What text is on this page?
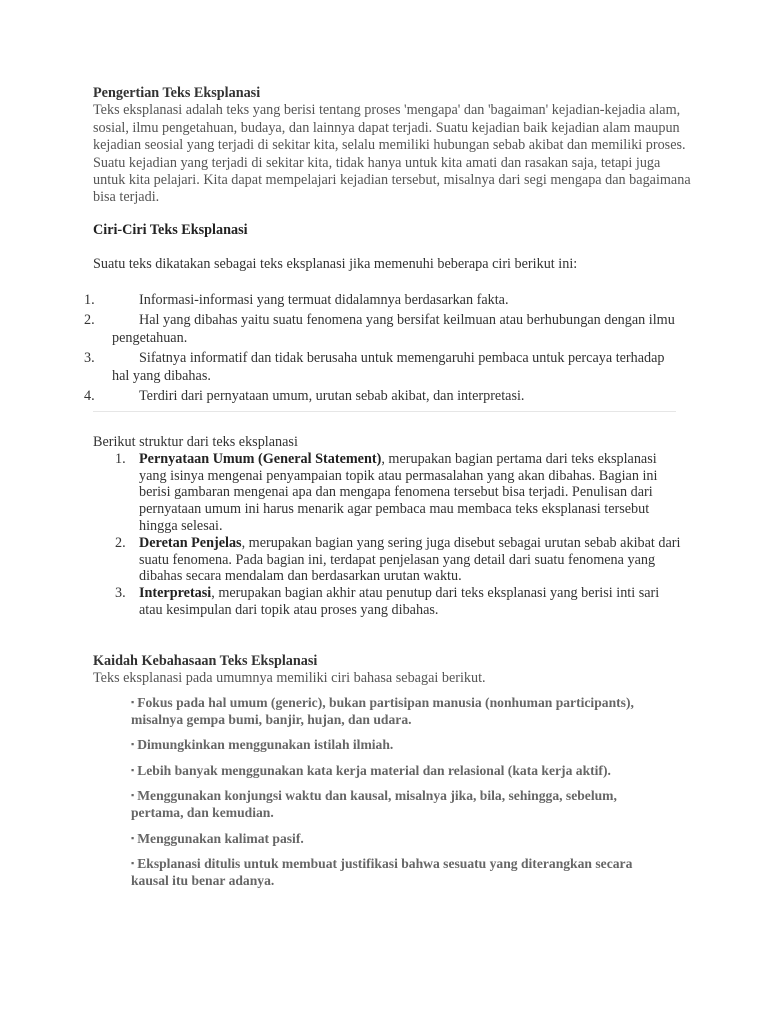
Pengertian Teks Eksplanasi
Teks eksplanasi adalah teks yang berisi tentang proses 'mengapa' dan 'bagaiman' kejadian-kejadia alam, sosial, ilmu pengetahuan, budaya, dan lainnya dapat terjadi. Suatu kejadian baik kejadian alam maupun kejadian seosial yang terjadi di sekitar kita, selalu memiliki hubungan sebab akibat dan memiliki proses. Suatu kejadian yang terjadi di sekitar kita, tidak hanya untuk kita amati dan rasakan saja, tetapi juga untuk kita pelajari. Kita dapat mempelajari kejadian tersebut, misalnya dari segi mengapa dan bagaimana bisa terjadi.
Ciri-Ciri Teks Eksplanasi
Suatu teks dikatakan sebagai teks eksplanasi jika memenuhi beberapa ciri berikut ini:
1.	Informasi-informasi yang termuat didalamnya berdasarkan fakta.
2.	Hal yang dibahas yaitu suatu fenomena yang bersifat keilmuan atau berhubungan dengan ilmu pengetahuan.
3.	Sifatnya informatif dan tidak berusaha untuk memengaruhi pembaca untuk percaya terhadap hal yang dibahas.
4.	Terdiri dari pernyataan umum, urutan sebab akibat, dan interpretasi.
Berikut struktur dari teks eksplanasi
1. Pernyataan Umum (General Statement), merupakan bagian pertama dari teks eksplanasi yang isinya mengenai penyampaian topik atau permasalahan yang akan dibahas. Bagian ini berisi gambaran mengenai apa dan mengapa fenomena tersebut bisa terjadi. Penulisan dari pernyataan umum ini harus menarik agar pembaca mau membaca teks eksplanasi tersebut hingga selesai.
2. Deretan Penjelas, merupakan bagian yang sering juga disebut sebagai urutan sebab akibat dari suatu fenomena. Pada bagian ini, terdapat penjelasan yang detail dari suatu fenomena yang dibahas secara mendalam dan berdasarkan urutan waktu.
3. Interpretasi, merupakan bagian akhir atau penutup dari teks eksplanasi yang berisi inti sari atau kesimpulan dari topik atau proses yang dibahas.
Kaidah Kebahasaan Teks Eksplanasi
Teks eksplanasi pada umumnya memiliki ciri bahasa sebagai berikut.
▪ Fokus pada hal umum (generic), bukan partisipan manusia (nonhuman participants), misalnya gempa bumi, banjir, hujan, dan udara.
▪ Dimungkinkan menggunakan istilah ilmiah.
▪ Lebih banyak menggunakan kata kerja material dan relasional (kata kerja aktif).
▪ Menggunakan konjungsi waktu dan kausal, misalnya jika, bila, sehingga, sebelum, pertama, dan kemudian.
▪ Menggunakan kalimat pasif.
▪ Eksplanasi ditulis untuk membuat justifikasi bahwa sesuatu yang diterangkan secara kausal itu benar adanya.
